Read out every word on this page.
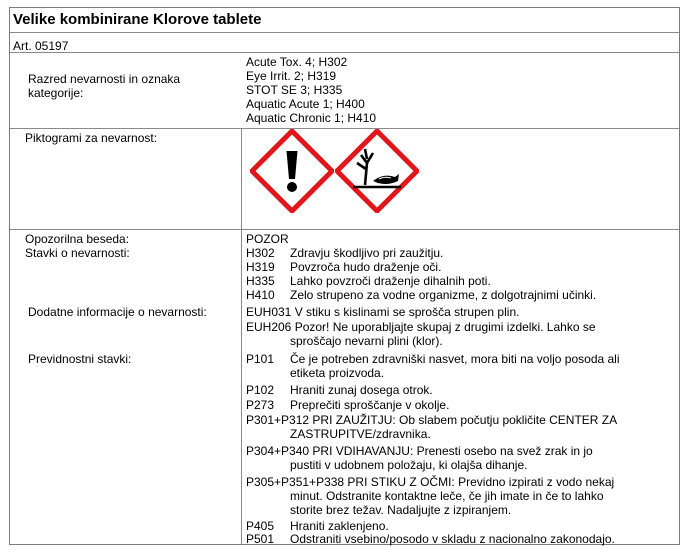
Velike kombinirane Klorove tablete
Art. 05197
Razred nevarnosti in oznaka
kategorije:
Acute Tox. 4; H302
Eye Irrit. 2; H319
STOT SE 3; H335
Aquatic Acute 1; H400
Aquatic Chronic 1; H410
Piktogrami za nevarnost:
Opozorilna beseda:	POZOR
Stavki o nevarnosti:	H302 Zdravju škodljivo pri zaužitju.
H319 Povzroča hudo draženje oči.
H335 Lahko povzroči draženje dihalnih poti.
H410 Zelo strupeno za vodne organizme, z dolgotrajnimi učinki.
Dodatne informacije o nevarnosti:	EUH031 V stiku s kislinami se sprošča strupen plin.
EUH206 Pozor! Ne uporabljajte skupaj z drugimi izdelki. Lahko se
sproščajo nevarni plini (klor).
Previdnostni stavki:	P101 Če je potreben zdravniški nasvet, mora biti na voljo posoda ali
etiketa proizvoda.
P102 Hraniti zunaj dosega otrok.
P273 Preprečiti sproščanje v okolje.
P301+P312 PRI ZAUŽITJU: Ob slabem počutju pokličite CENTER ZA
ZASTRUPITVE/zdravnika.
P304+P340 PRI VDIHAVANJU: Prenesti osebo na svež zrak in jo
pustiti v udobnem položaju, ki olajša dihanje.
P305+P351+P338 PRI STIKU Z OČMI: Previdno izpirati z vodo nekaj
minut. Odstranite kontaktne leče, če jih imate in če to lahko
storite brez težav. Nadaljujte z izpiranjem.
P405 Hraniti zaklenjeno.
P501 Odstraniti vsebino/posodo v skladu z nacionalno zakonodajo.
